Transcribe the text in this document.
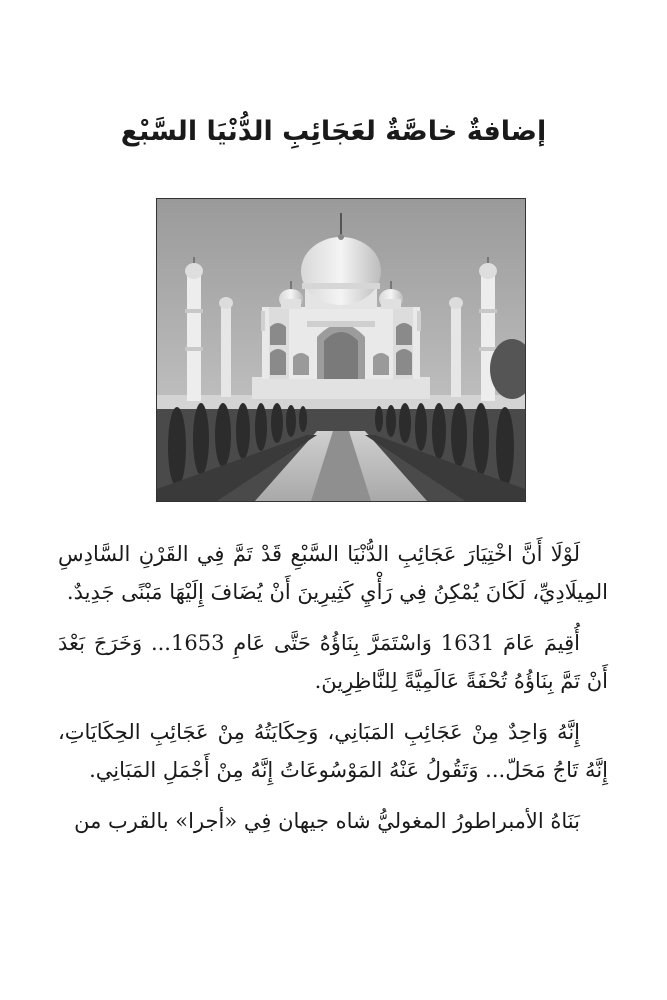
إضافةٌ خاصَّةٌ لعَجَائِبِ الدُّنْيَا السَّبْع

لَوْلَا أَنَّ اخْتِيَارَ عَجَائِبِ الدُّنْيَا السَّبْعِ قَدْ تَمَّ فِي القَرْنِ السَّادِسِ المِيلَادِيِّ، لَكَانَ يُمْكِنُ فِي رَأْيِ كَثِيرِينَ أَنْ يُضَافَ إِلَيْهَا مَبْنًى جَدِيدٌ.

أُقِيمَ عَامَ 1631 وَاسْتَمَرَّ بِنَاؤُهُ حَتَّى عَامِ 1653... وَخَرَجَ بَعْدَ أَنْ تَمَّ بِنَاؤُهُ تُحْفَةً عَالَمِيَّةً لِلنَّاظِرِينَ.

إِنَّهُ وَاحِدٌ مِنْ عَجَائِبِ المَبَانِي، وَحِكَايَتُهُ مِنْ عَجَائِبِ الحِكَايَاتِ، إِنَّهُ تَاجُ مَحَلّ... وَتَقُولُ عَنْهُ المَوْسُوعَاتُ إِنَّهُ مِنْ أَجْمَلِ المَبَانِي.

بَنَاهُ الأمبراطورُ المغوليُّ شاه جيهان فِي «أجرا» بالقرب من
